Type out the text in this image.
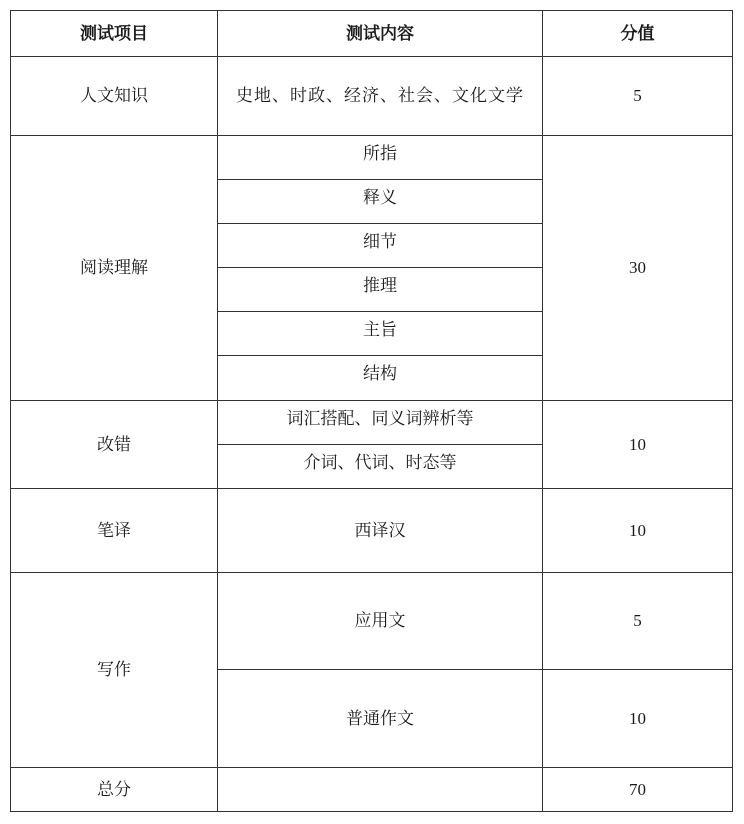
测试项目	测试内容	分值
人文知识	史地、时政、经济、社会、文化文学	5
阅读理解	所指	30
	释义	
	细节	
	推理	
	主旨	
	结构	
改错	词汇搭配、同义词辨析等	10
	介词、代词、时态等	
笔译	西译汉	10
写作	应用文	5
	普通作文	10
总分		70
